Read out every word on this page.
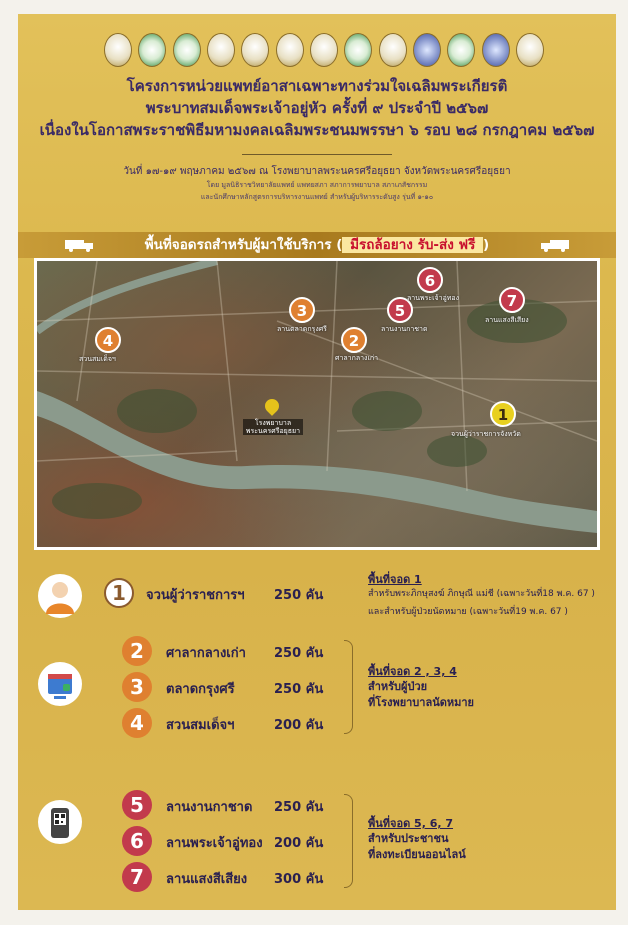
โครงการหน่วยแพทย์อาสาเฉพาะทางร่วมใจเฉลิมพระเกียรติ
พระบาทสมเด็จพระเจ้าอยู่หัว ครั้งที่ ๙ ประจำปี ๒๕๖๗
เนื่องในโอกาสพระราชพิธีมหามงคลเฉลิมพระชนมพรรษา ๖ รอบ ๒๘ กรกฎาคม ๒๕๖๗
วันที่ ๑๗-๑๙ พฤษภาคม ๒๕๖๗ ณ โรงพยาบาลพระนครศรีอยุธยา จังหวัดพระนครศรีอยุธยา
โดย มูลนิธิราชวิทยาลัยแพทย์ แพทยสภา สภาการพยาบาล สภาเภสัชกรรม
และนักศึกษาหลักสูตรการบริหารงานแพทย์ สำหรับผู้บริหารระดับสูง รุ่นที่ ๑-๑๐
พื้นที่จอดรถสำหรับผู้มาใช้บริการ ( มีรถล้อยาง รับ-ส่ง ฟรี )
1
จวนผู้ว่าราชการจังหวัด
2
ศาลากลางเก่า
3
ลานตลาดกรุงศรี
4
สวนสมเด็จฯ
5
ลานงานกาชาด
6
ลานพระเจ้าอู่ทอง	7
ลานแสงสีเสียง
โรงพยาบาล
พระนครศรีอยุธยา
1	จวนผู้ว่าราชการฯ 250 คัน
พื้นที่จอด 1
สำหรับพระภิกษุสงฆ์ ภิกษุณี แม่ชี (เฉพาะวันที่18 พ.ค. 67 )
และสำหรับผู้ป่วยนัดหมาย (เฉพาะวันที่19 พ.ค. 67 )
2	ศาลากลางเก่า 250 คัน
3	ตลาดกรุงศรี	250 คัน
4	สวนสมเด็จฯ	200 คัน
พื้นที่จอด 2 , 3, 4
สำหรับผู้ป่วย
ที่โรงพยาบาลนัดหมาย
5	ลานงานกาชาด 250 คัน
6	ลานพระเจ้าอู่ทอง 200 คัน
7	ลานแสงสีเสียง 300 คัน
พื้นที่จอด 5, 6, 7
สำหรับประชาชน
ที่ลงทะเบียนออนไลน์
